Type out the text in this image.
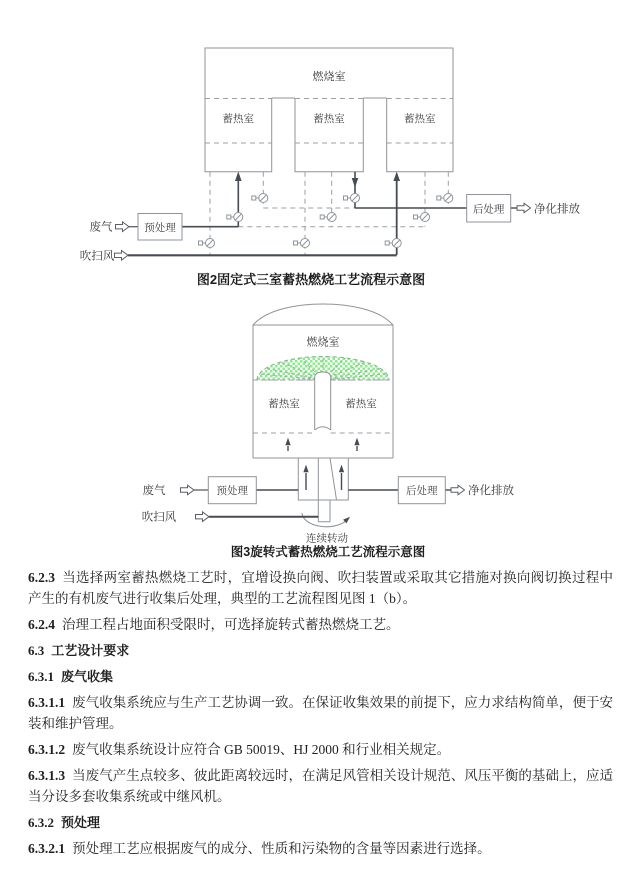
燃烧室
蓄热室	蓄热室	蓄热室
废气
吹扫风
预处理
后处理	净化排放
图2固定式三室蓄热燃烧工艺流程示意图
燃烧室
蓄热室	蓄热室
废气
吹扫风
预处理	后处理	净化排放
连续转动
图3旋转式蓄热燃烧工艺流程示意图

6.2.3 当选择两室蓄热燃烧工艺时，宜增设换向阀、吹扫装置或采取其它措施对换向阀切换过程中产生的有机废气进行收集后处理，典型的工艺流程图见图 1（b）。

6.2.4 治理工程占地面积受限时，可选择旋转式蓄热燃烧工艺。

6.3 工艺设计要求

6.3.1 废气收集

6.3.1.1 废气收集系统应与生产工艺协调一致。在保证收集效果的前提下，应力求结构简单，便于安装和维护管理。

6.3.1.2 废气收集系统设计应符合 GB 50019、HJ 2000 和行业相关规定。

6.3.1.3 当废气产生点较多、彼此距离较远时，在满足风管相关设计规范、风压平衡的基础上，应适当分设多套收集系统或中继风机。

6.3.2 预处理

6.3.2.1 预处理工艺应根据废气的成分、性质和污染物的含量等因素进行选择。
